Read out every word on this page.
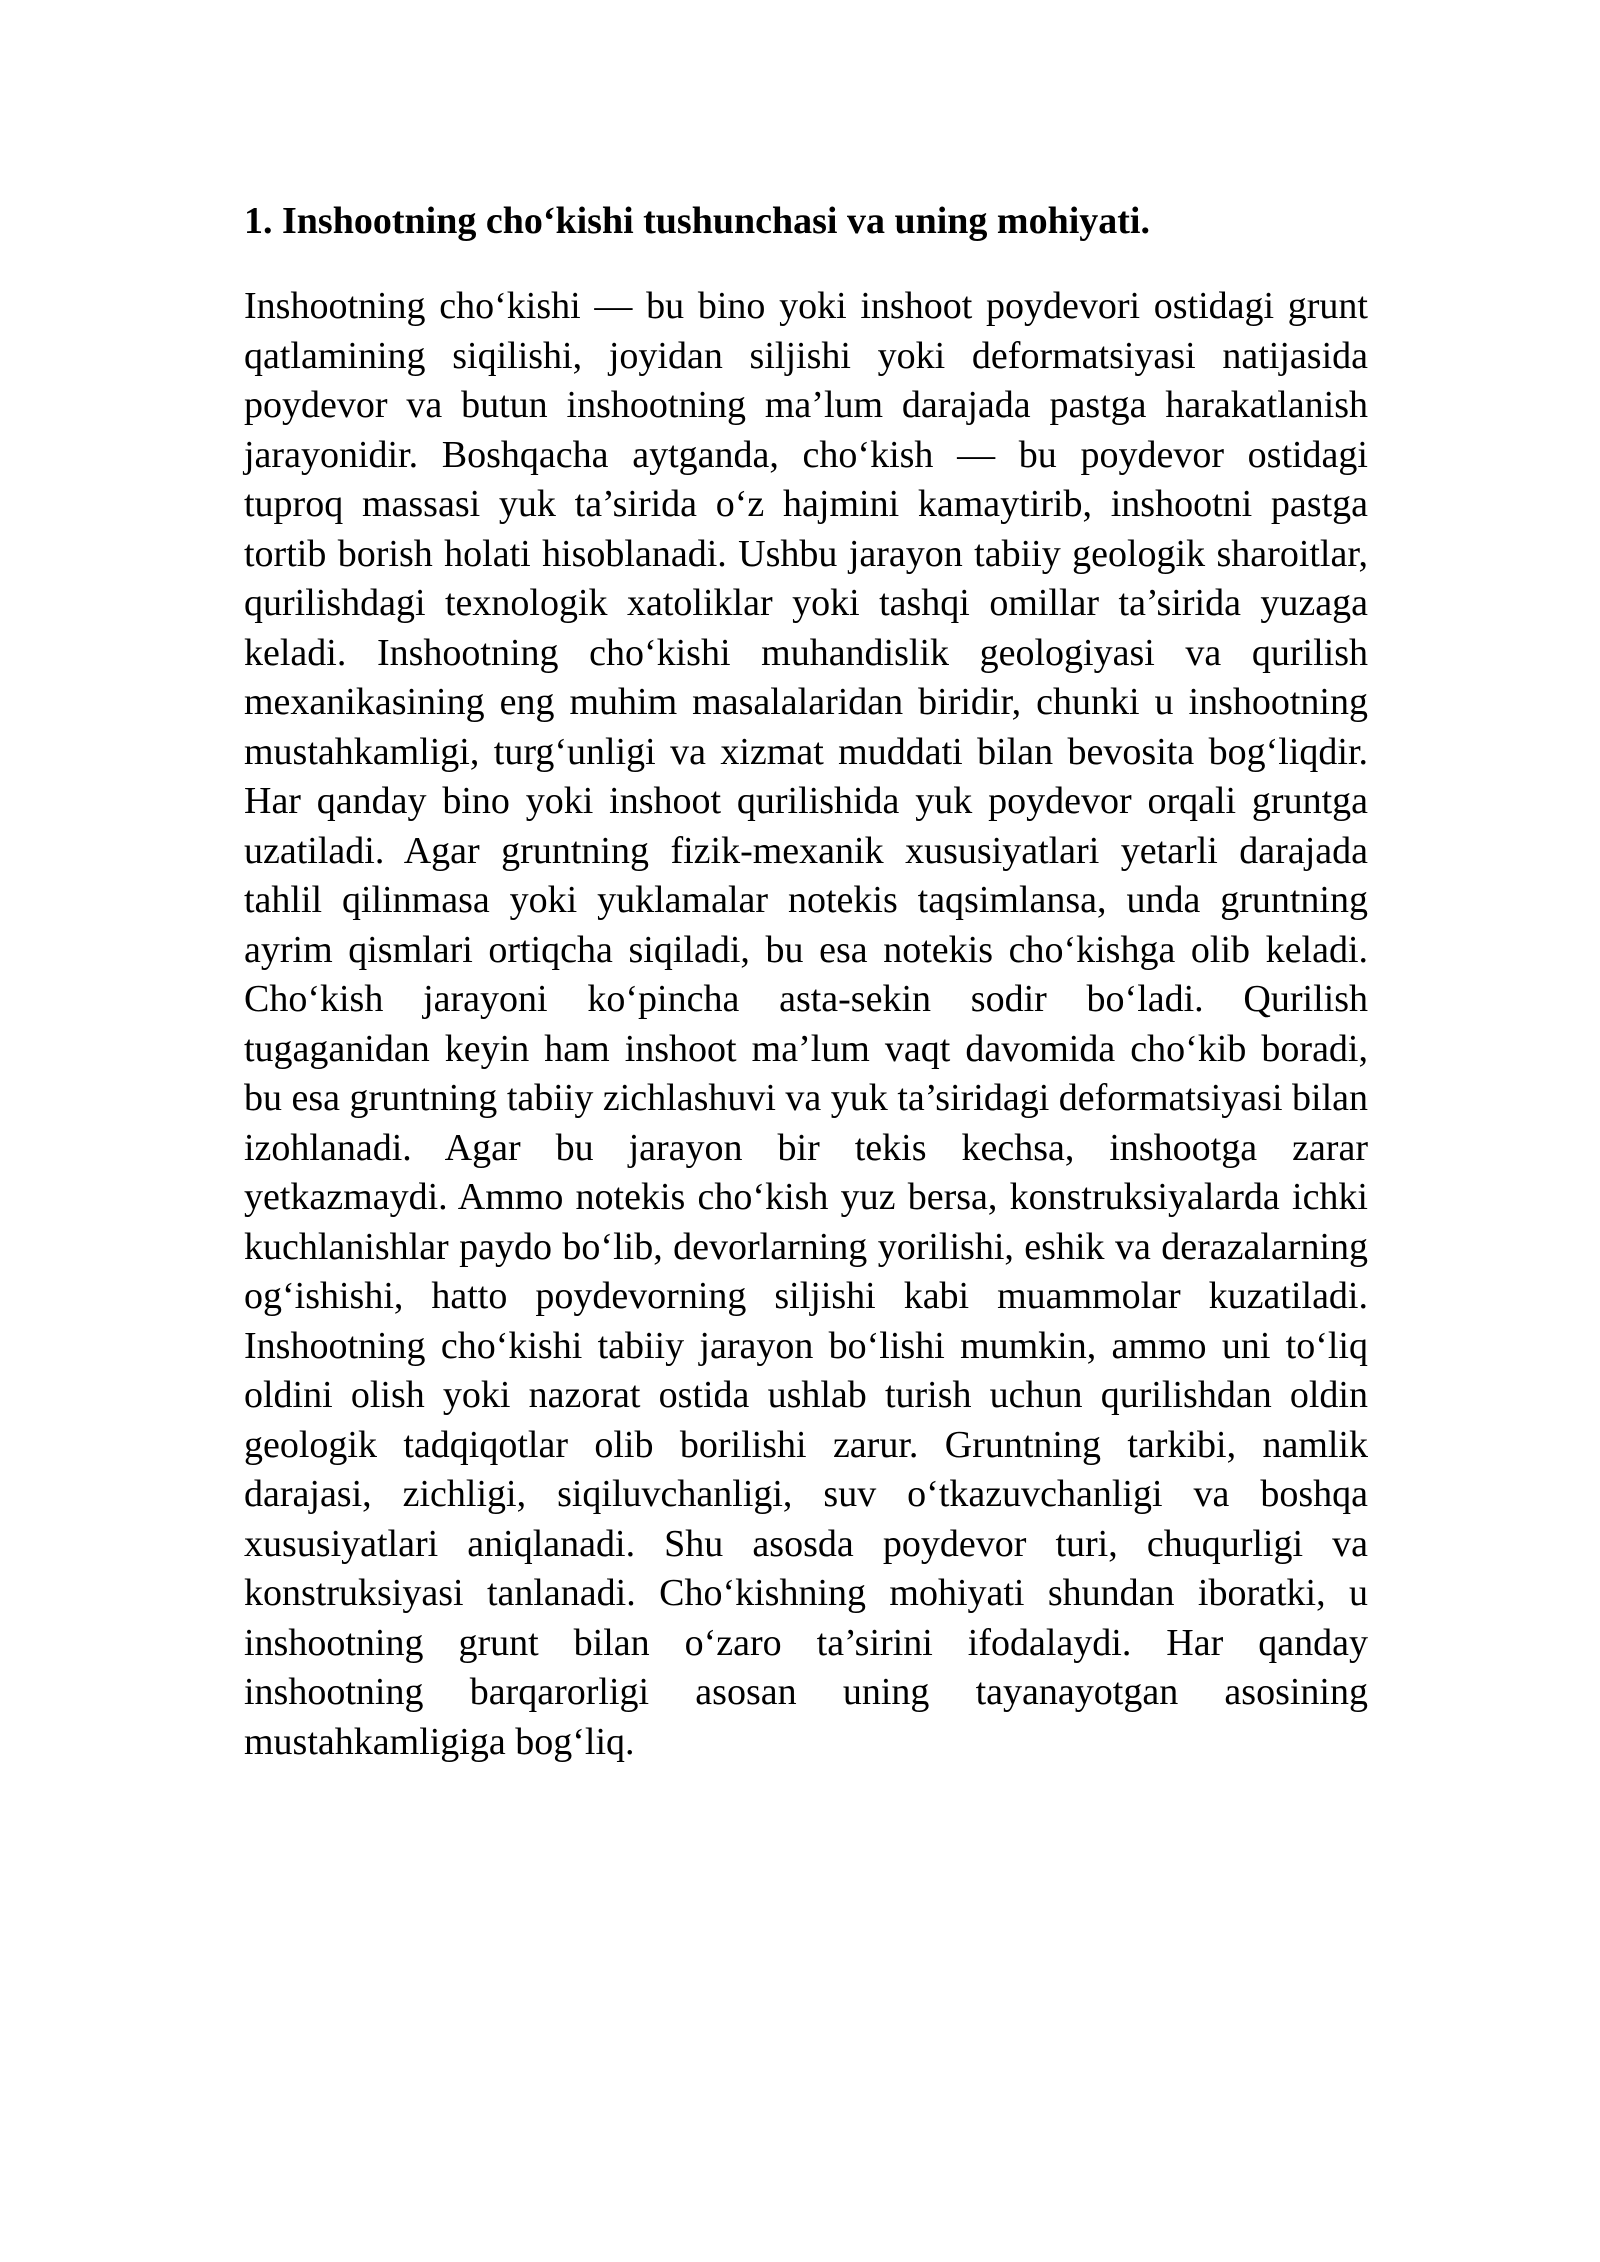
1. Inshootning cho‘kishi tushunchasi va uning mohiyati.

Inshootning cho‘kishi — bu bino yoki inshoot poydevori ostidagi grunt qatlamining siqilishi, joyidan siljishi yoki deformatsiyasi natijasida poydevor va butun inshootning ma’lum darajada pastga harakatlanish jarayonidir. Boshqacha aytganda, cho‘kish — bu poydevor ostidagi tuproq massasi yuk ta’sirida o‘z hajmini kamaytirib, inshootni pastga tortib borish holati hisoblanadi. Ushbu jarayon tabiiy geologik sharoitlar, qurilishdagi texnologik xatoliklar yoki tashqi omillar ta’sirida yuzaga keladi. Inshootning cho‘kishi muhandislik geologiyasi va qurilish mexanikasining eng muhim masalalaridan biridir, chunki u inshootning mustahkamligi, turg‘unligi va xizmat muddati bilan bevosita bog‘liqdir. Har qanday bino yoki inshoot qurilishida yuk poydevor orqali gruntga uzatiladi. Agar gruntning fizik-mexanik xususiyatlari yetarli darajada tahlil qilinmasa yoki yuklamalar notekis taqsimlansa, unda gruntning ayrim qismlari ortiqcha siqiladi, bu esa notekis cho‘kishga olib keladi. Cho‘kish jarayoni ko‘pincha asta-sekin sodir bo‘ladi. Qurilish tugaganidan keyin ham inshoot ma’lum vaqt davomida cho‘kib boradi, bu esa gruntning tabiiy zichlashuvi va yuk ta’siridagi deformatsiyasi bilan izohlanadi. Agar bu jarayon bir tekis kechsa, inshootga zarar yetkazmaydi. Ammo notekis cho‘kish yuz bersa, konstruksiyalarda ichki kuchlanishlar paydo bo‘lib, devorlarning yorilishi, eshik va derazalarning og‘ishishi, hatto poydevorning siljishi kabi muammolar kuzatiladi. Inshootning cho‘kishi tabiiy jarayon bo‘lishi mumkin, ammo uni to‘liq oldini olish yoki nazorat ostida ushlab turish uchun qurilishdan oldin geologik tadqiqotlar olib borilishi zarur. Gruntning tarkibi, namlik darajasi, zichligi, siqiluvchanligi, suv o‘tkazuvchanligi va boshqa xususiyatlari aniqlanadi. Shu asosda poydevor turi, chuqurligi va konstruksiyasi tanlanadi. Cho‘kishning mohiyati shundan iboratki, u inshootning grunt bilan o‘zaro ta’sirini ifodalaydi. Har qanday inshootning barqarorligi asosan uning tayanayotgan asosining mustahkamligiga bog‘liq.
